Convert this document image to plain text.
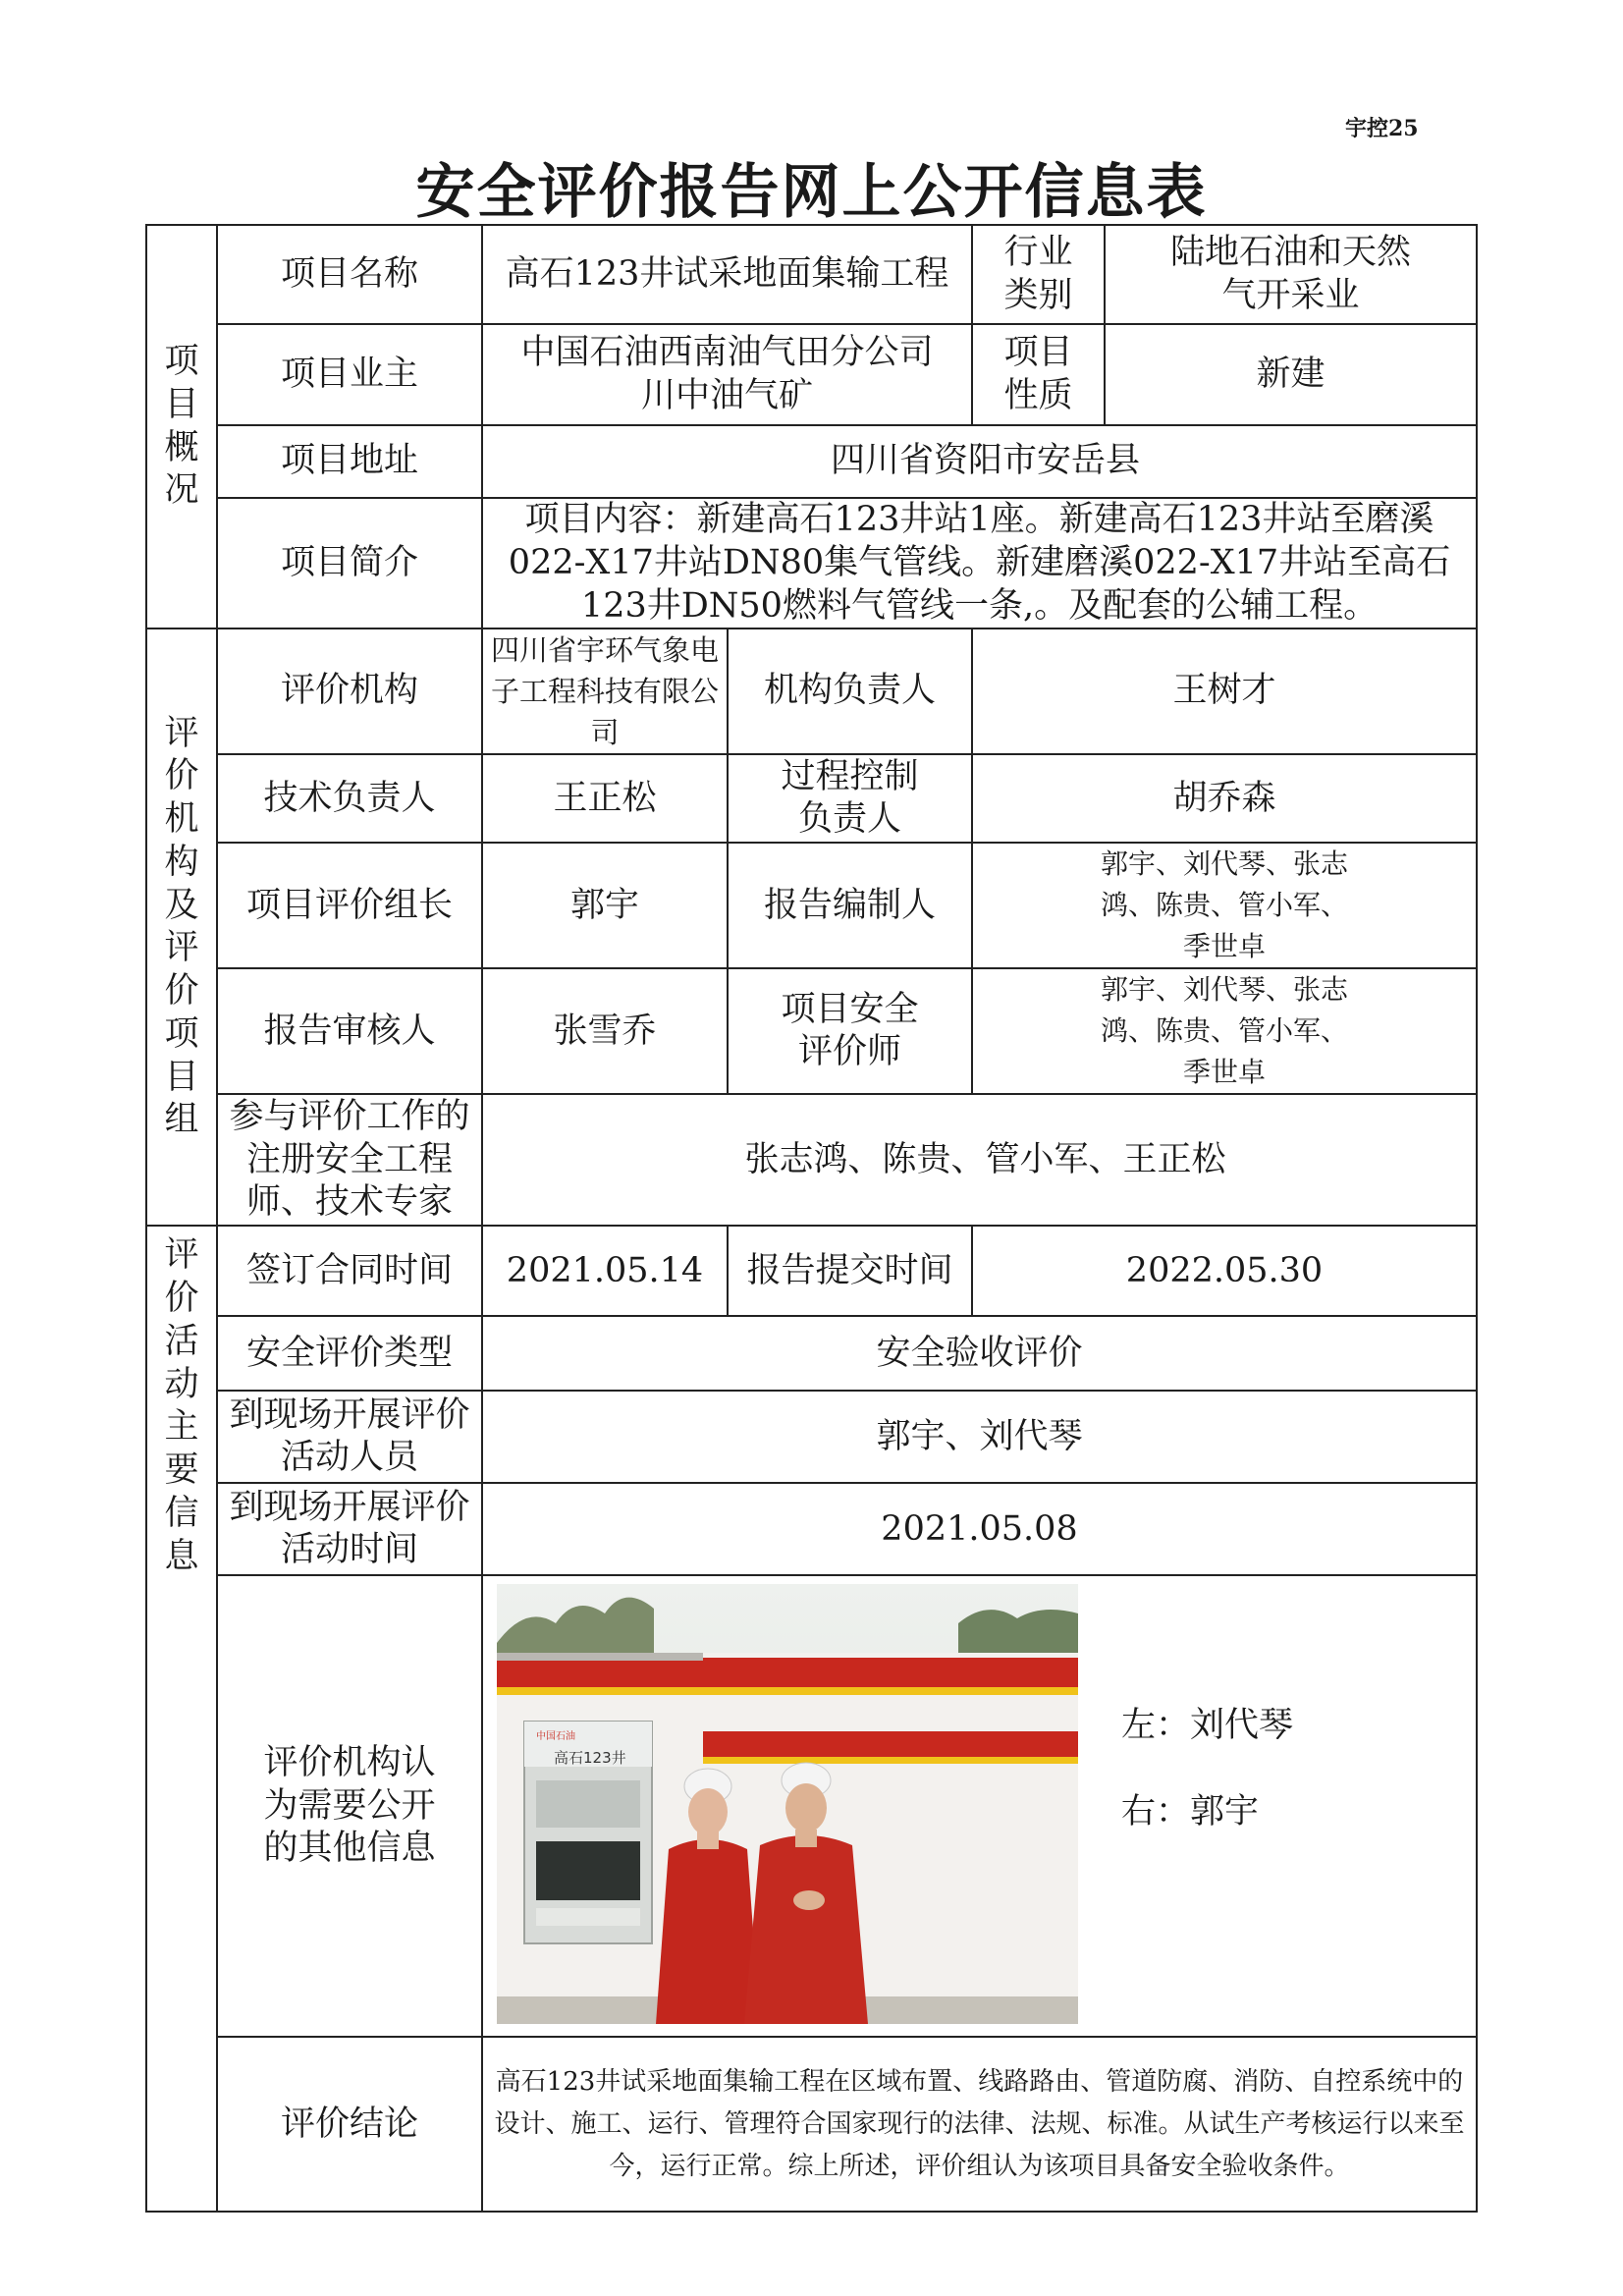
宇控25
安全评价报告网上公开信息表
项目概况	项目名称	高石123井试采地面集输工程		行业类别	陆地石油和天然气开采业

	项目业主	中国石油西南油气田分公司
川中油气矿		项目性质	新建
	项目地址	四川省资阳市安岳县			
	项目简介	项目内容：新建高石123井站1座。新建高石123井站至磨溪022-X17井站DN80集气管线。新建磨溪022-X17井站至高石123井DN50燃料气管线一条,。及配套的公辅工程。			

评价机构及评价项目组	评价机构	四川省宇环气象电子工程科技有限公司	机构负责人	王树才	
	技术负责人	王正松	过程控制负责人	胡乔森	
	项目评价组长	郭宇	报告编制人	郭宇、刘代琴、张志鸿、陈贵、管小军、季世卓	

	报告审核人	张雪乔	项目安全评价师	郭宇、刘代琴、张志鸿、陈贵、管小军、季世卓	

	参与评价工作的注册安全工程师、技术专家	张志鸿、陈贵、管小军、王正松			

评价活动主要信息	签订合同时间	2021.05.14	报告提交时间	2022.05.30	
	安全评价类型	安全验收评价			
	到现场开展评价活动人员	郭宇、刘代琴			
	到现场开展评价活动时间	2021.05.08			

	评价机构认为需要公开的其他信息	中国石油
高石123井
左：刘代琴
右：郭宇			

	评价结论	高石123井试采地面集输工程在区域布置、线路路由、管道防腐、消防、自控系统中的设计、施工、运行、管理符合国家现行的法律、法规、标准。从试生产考核运行以来至今，运行正常。综上所述，评价组认为该项目具备安全验收条件。			
